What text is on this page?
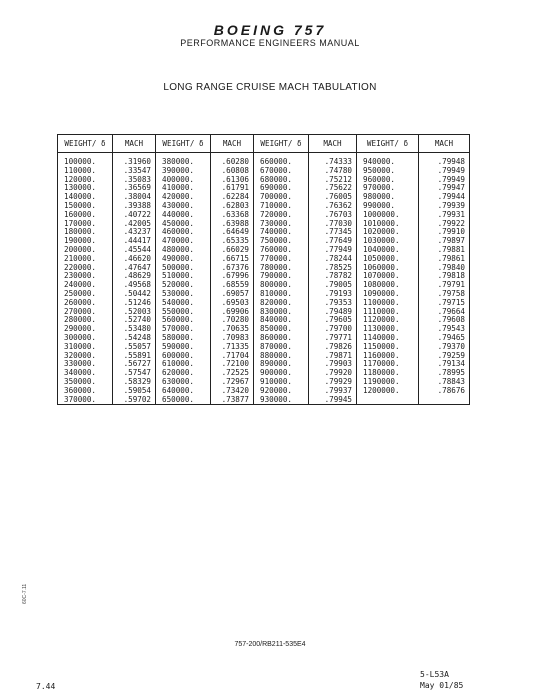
BOEING 757
PERFORMANCE ENGINEERS MANUAL
LONG RANGE CRUISE MACH TABULATION
WEIGHT/ δ	MACH	WEIGHT/ δ	MACH	WEIGHT/ δ	MACH	WEIGHT/ δ	MACH
100000.	.31960	380000.	.60280	660000.	.74333	940000.	.79948
110000.	.33547	390000.	.60808	670000.	.74780	950000.	.79949
120000.	.35083	400000.	.61306	680000.	.75212	960000.	.79949
130000.	.36569	410000.	.61791	690000.	.75622	970000.	.79947
140000.	.38004	420000.	.62284	700000.	.76005	980000.	.79944
150000.	.39388	430000.	.62803	710000.	.76362	990000.	.79939
160000.	.40722	440000.	.63368	720000.	.76703	1000000.	.79931
170000.	.42005	450000.	.63988	730000.	.77030	1010000.	.79922
180000.	.43237	460000.	.64649	740000.	.77345	1020000.	.79910
190000.	.44417	470000.	.65335	750000.	.77649	1030000.	.79897
200000.	.45544	480000.	.66029	760000.	.77949	1040000.	.79881
210000.	.46620	490000.	.66715	770000.	.78244	1050000.	.79861
220000.	.47647	500000.	.67376	780000.	.78525	1060000.	.79840
230000.	.48629	510000.	.67996	790000.	.78782	1070000.	.79818
240000.	.49568	520000.	.68559	800000.	.79005	1080000.	.79791
250000.	.50442	530000.	.69057	810000.	.79193	1090000.	.79758
260000.	.51246	540000.	.69503	820000.	.79353	1100000.	.79715
270000.	.52003	550000.	.69906	830000.	.79489	1110000.	.79664
280000.	.52740	560000.	.70280	840000.	.79605	1120000.	.79608
290000.	.53480	570000.	.70635	850000.	.79700	1130000.	.79543
300000.	.54248	580000.	.70983	860000.	.79771	1140000.	.79465
310000.	.55057	590000.	.71335	870000.	.79826	1150000.	.79370
320000.	.55891	600000.	.71704	880000.	.79871	1160000.	.79259
330000.	.56727	610000.	.72100	890000.	.79903	1170000.	.79134
340000.	.57547	620000.	.72525	900000.	.79920	1180000.	.78995
350000.	.58329	630000.	.72967	910000.	.79929	1190000.	.78843
360000.	.59054	640000.	.73420	920000.	.79937	1200000.	.78676
370000.	.59702	650000.	.73877	930000.	.79945		
60C-7.11
757-200/RB211-535E4
7.44
5-L53A
May 01/85
